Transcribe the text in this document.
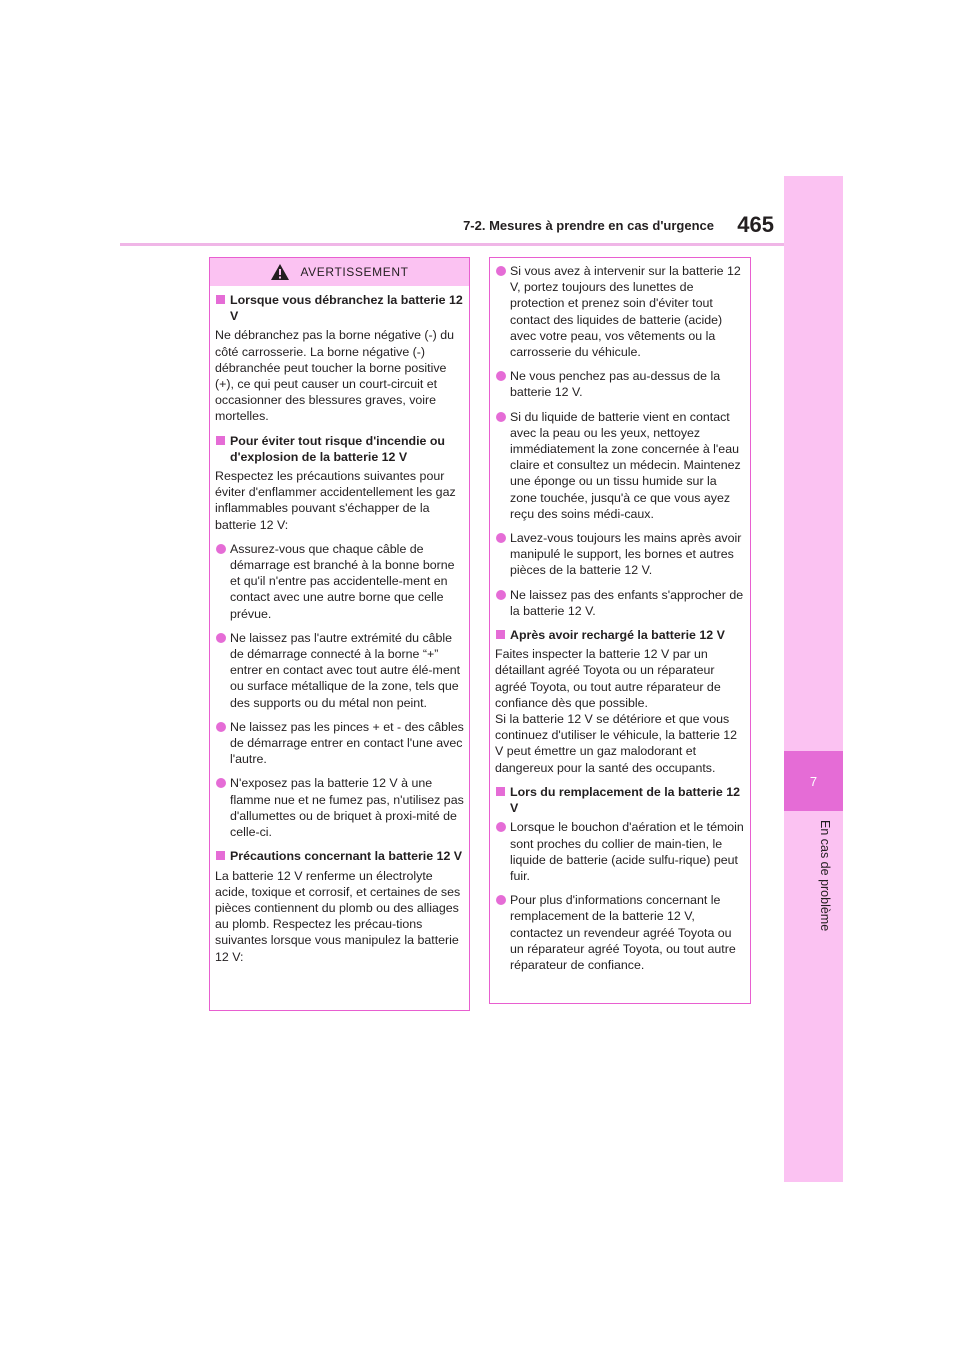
7-2. Mesures à prendre en cas d'urgence	465
7
En cas de problème
AVERTISSEMENT

Lorsque vous débranchez la batterie 12 V

Ne débranchez pas la borne négative (-) du côté carrosserie. La borne négative (-) débranchée peut toucher la borne positive (+), ce qui peut causer un court-circuit et occasionner des blessures graves, voire mortelles.

Pour éviter tout risque d'incendie ou d'explosion de la batterie 12 V

Respectez les précautions suivantes pour éviter d'enflammer accidentellement les gaz inflammables pouvant s'échapper de la batterie 12 V:

Assurez-vous que chaque câble de démarrage est branché à la bonne borne et qu'il n'entre pas accidentelle-ment en contact avec une autre borne que celle prévue.

Ne laissez pas l'autre extrémité du câble de démarrage connecté à la borne “+” entrer en contact avec tout autre élé-ment ou surface métallique de la zone, tels que des supports ou du métal non peint.

Ne laissez pas les pinces + et - des câbles de démarrage entrer en contact l'une avec l'autre.

N'exposez pas la batterie 12 V à une flamme nue et ne fumez pas, n'utilisez pas d'allumettes ou de briquet à proxi-mité de celle-ci.

Précautions concernant la batterie 12 V

La batterie 12 V renferme un électrolyte acide, toxique et corrosif, et certaines de ses pièces contiennent du plomb ou des alliages au plomb. Respectez les précau-tions suivantes lorsque vous manipulez la batterie 12 V:

Si vous avez à intervenir sur la batterie 12 V, portez toujours des lunettes de protection et prenez soin d'éviter tout contact des liquides de batterie (acide) avec votre peau, vos vêtements ou la carrosserie du véhicule.

Ne vous penchez pas au-dessus de la batterie 12 V.

Si du liquide de batterie vient en contact avec la peau ou les yeux, nettoyez immédiatement la zone concernée à l'eau claire et consultez un médecin. Maintenez une éponge ou un tissu humide sur la zone touchée, jusqu'à ce que vous ayez reçu des soins médi-caux.

Lavez-vous toujours les mains après avoir manipulé le support, les bornes et autres pièces de la batterie 12 V.

Ne laissez pas des enfants s'approcher de la batterie 12 V.

Après avoir rechargé la batterie 12 V

Faites inspecter la batterie 12 V par un détaillant agréé Toyota ou un réparateur agréé Toyota, ou tout autre réparateur de confiance dès que possible.

Si la batterie 12 V se détériore et que vous continuez d'utiliser le véhicule, la batterie 12 V peut émettre un gaz malodorant et dangereux pour la santé des occupants.

Lors du remplacement de la batterie 12 V

Lorsque le bouchon d'aération et le témoin sont proches du collier de main-tien, le liquide de batterie (acide sulfu-rique) peut fuir.

Pour plus d'informations concernant le remplacement de la batterie 12 V, contactez un revendeur agréé Toyota ou un réparateur agréé Toyota, ou tout autre réparateur de confiance.
